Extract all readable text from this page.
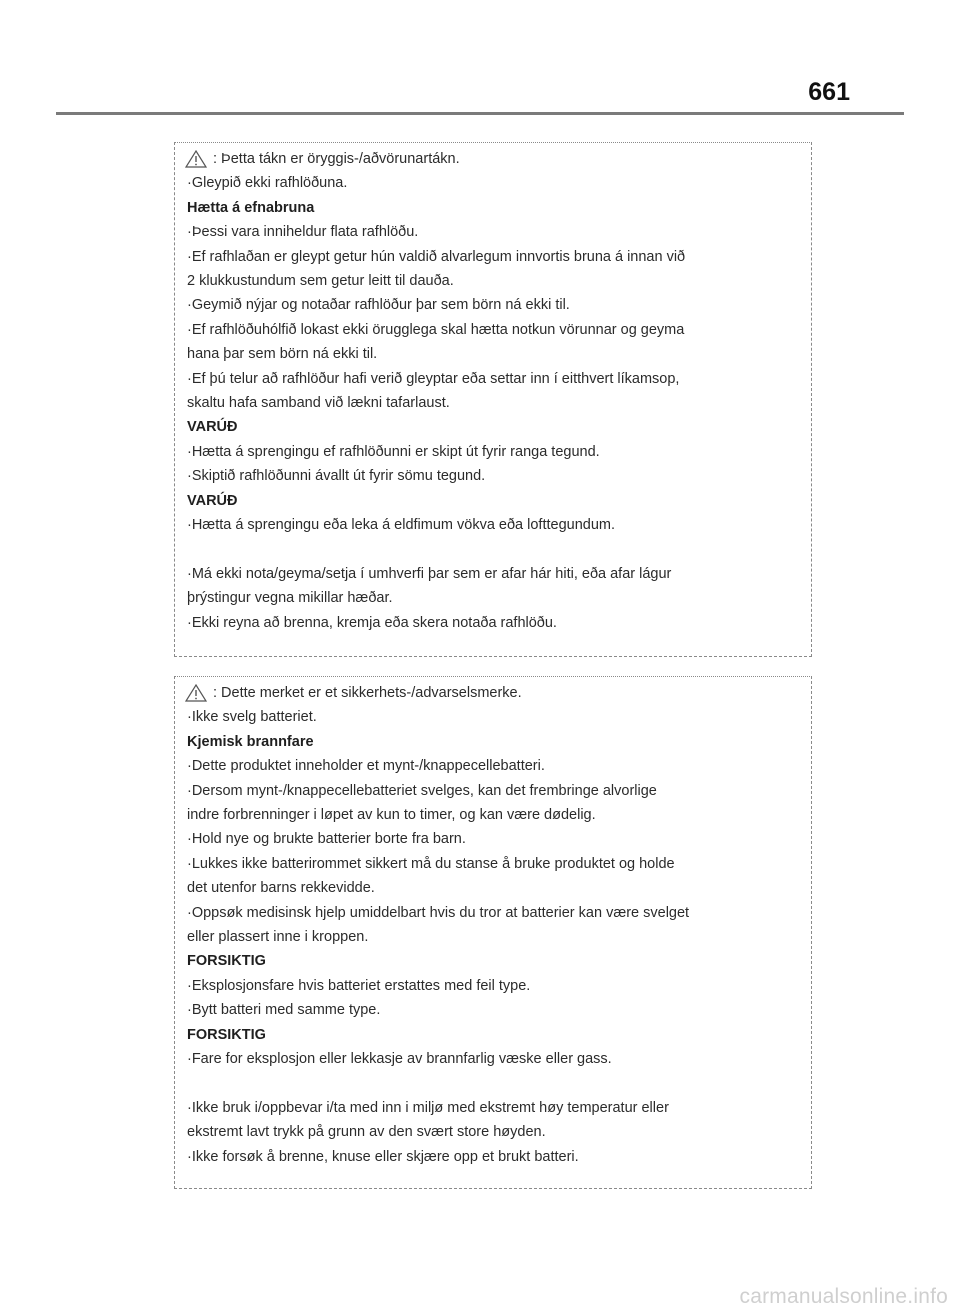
661
: Þetta tákn er öryggis-/aðvörunartákn.
·Gleypið ekki rafhlöðuna.
Hætta á efnabruna
·Þessi vara inniheldur flata rafhlöðu.
·Ef rafhlaðan er gleypt getur hún valdið alvarlegum innvortis bruna á innan við
2 klukkustundum sem getur leitt til dauða.
·Geymið nýjar og notaðar rafhlöður þar sem börn ná ekki til.
·Ef rafhlöðuhólfið lokast ekki örugglega skal hætta notkun vörunnar og geyma
hana þar sem börn ná ekki til.
·Ef þú telur að rafhlöður hafi verið gleyptar eða settar inn í eitthvert líkamsop,
skaltu hafa samband við lækni tafarlaust.
VARÚÐ
·Hætta á sprengingu ef rafhlöðunni er skipt út fyrir ranga tegund.
·Skiptið rafhlöðunni ávallt út fyrir sömu tegund.
VARÚÐ
·Hætta á sprengingu eða leka á eldfimum vökva eða lofttegundum.
·Má ekki nota/geyma/setja í umhverfi þar sem er afar hár hiti, eða afar lágur
þrýstingur vegna mikillar hæðar.
·Ekki reyna að brenna, kremja eða skera notaða rafhlöðu.
: Dette merket er et sikkerhets-/advarselsmerke.
·Ikke svelg batteriet.
Kjemisk brannfare
·Dette produktet inneholder et mynt-/knappecellebatteri.
·Dersom mynt-/knappecellebatteriet svelges, kan det frembringe alvorlige
indre forbrenninger i løpet av kun to timer, og kan være dødelig.
·Hold nye og brukte batterier borte fra barn.
·Lukkes ikke batterirommet sikkert må du stanse å bruke produktet og holde
det utenfor barns rekkevidde.
·Oppsøk medisinsk hjelp umiddelbart hvis du tror at batterier kan være svelget
eller plassert inne i kroppen.
FORSIKTIG
·Eksplosjonsfare hvis batteriet erstattes med feil type.
·Bytt batteri med samme type.
FORSIKTIG
·Fare for eksplosjon eller lekkasje av brannfarlig væske eller gass.
·Ikke bruk i/oppbevar i/ta med inn i miljø med ekstremt høy temperatur eller
ekstremt lavt trykk på grunn av den svært store høyden.
·Ikke forsøk å brenne, knuse eller skjære opp et brukt batteri.
carmanualsonline.info
